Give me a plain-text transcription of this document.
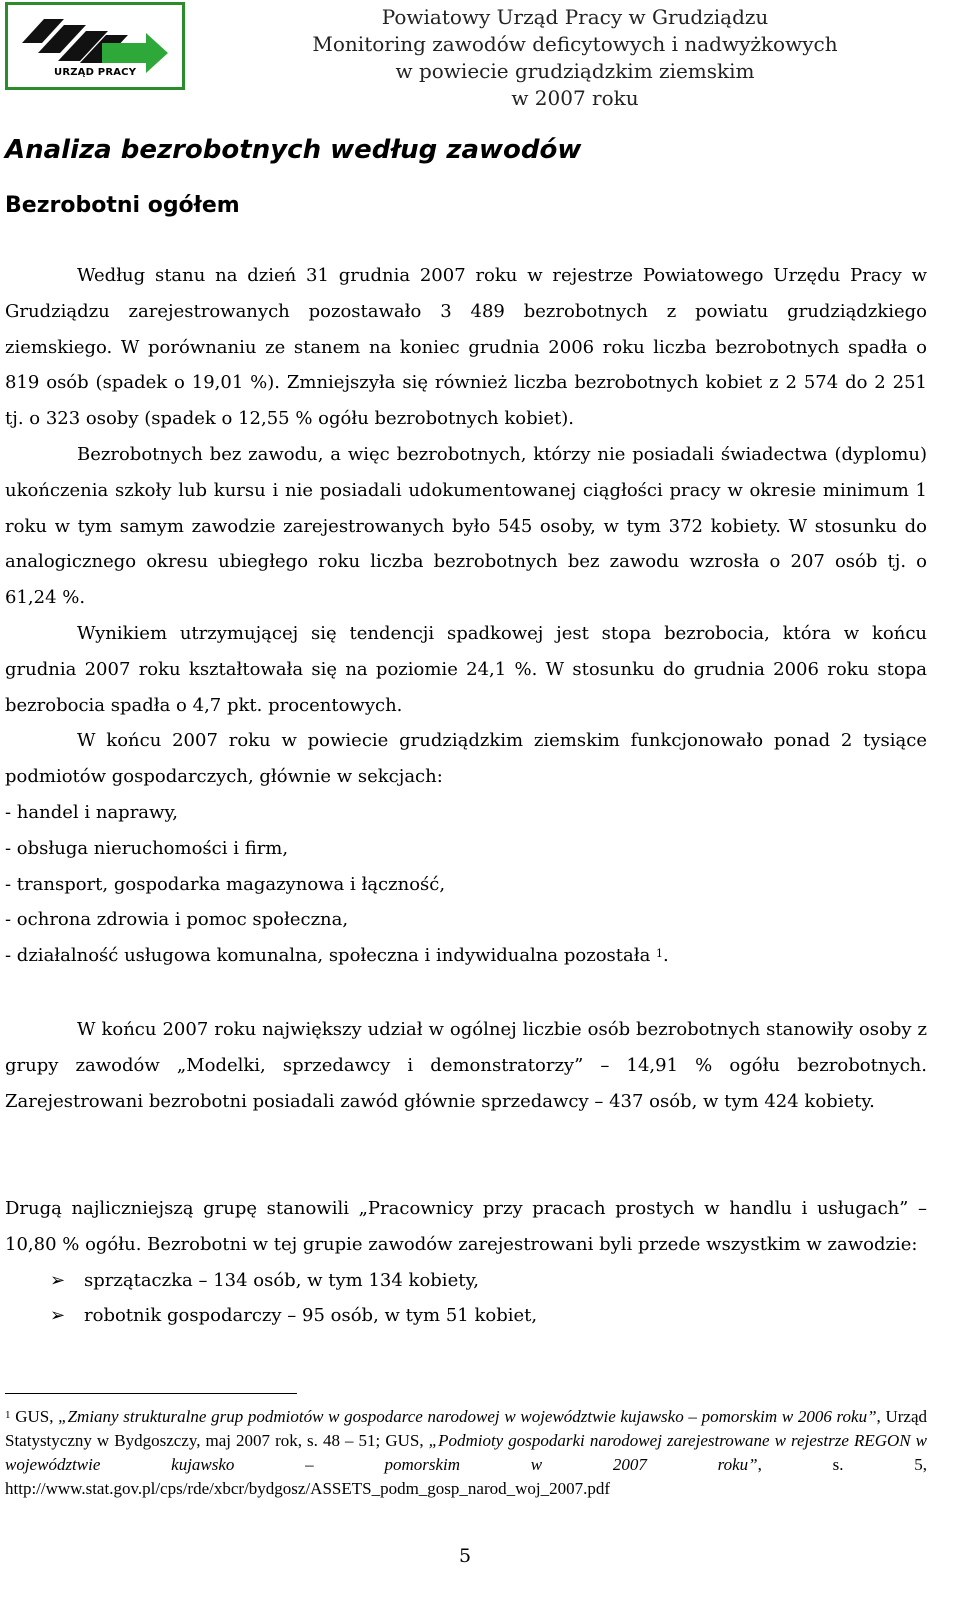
URZĄD PRACY
Powiatowy Urząd Pracy w Grudziądzu
Monitoring zawodów deficytowych i nadwyżkowych
w powiecie grudziądzkim ziemskim
w 2007 roku
Analiza bezrobotnych według zawodów
Bezrobotni ogółem

Według stanu na dzień 31 grudnia 2007 roku w rejestrze Powiatowego Urzędu Pracy w Grudziądzu zarejestrowanych pozostawało 3 489 bezrobotnych z powiatu grudziądzkiego ziemskiego. W porównaniu ze stanem na koniec grudnia 2006 roku liczba bezrobotnych spadła o 819 osób (spadek o 19,01 %). Zmniejszyła się również liczba bezrobotnych kobiet z 2 574 do 2 251 tj. o 323 osoby (spadek o 12,55 % ogółu bezrobotnych kobiet).

Bezrobotnych bez zawodu, a więc bezrobotnych, którzy nie posiadali świadectwa (dyplomu) ukończenia szkoły lub kursu i nie posiadali udokumentowanej ciągłości pracy w okresie minimum 1 roku w tym samym zawodzie zarejestrowanych było 545 osoby, w tym 372 kobiety. W stosunku do analogicznego okresu ubiegłego roku liczba bezrobotnych bez zawodu wzrosła o 207 osób tj. o 61,24 %.

Wynikiem utrzymującej się tendencji spadkowej jest stopa bezrobocia, która w końcu grudnia 2007 roku kształtowała się na poziomie 24,1 %. W stosunku do grudnia 2006 roku stopa bezrobocia spadła o 4,7 pkt. procentowych.

W końcu 2007 roku w powiecie grudziądzkim ziemskim funkcjonowało ponad 2 tysiące podmiotów gospodarczych, głównie w sekcjach:

- handel i naprawy,

- obsługa nieruchomości i firm,

- transport, gospodarka magazynowa i łączność,

- ochrona zdrowia i pomoc społeczna,

- działalność usługowa komunalna, społeczna i indywidualna pozostała $^1$.

W końcu 2007 roku największy udział w ogólnej liczbie osób bezrobotnych stanowiły osoby z grupy zawodów „Modelki, sprzedawcy i demonstratorzy” – 14,91 % ogółu bezrobotnych. Zarejestrowani bezrobotni posiadali zawód głównie sprzedawcy – 437 osób, w tym 424 kobiety.

Drugą najliczniejszą grupę stanowili „Pracownicy przy pracach prostych w handlu i usługach” – 10,80 % ogółu. Bezrobotni w tej grupie zawodów zarejestrowani byli przede wszystkim w zawodzie:

➢	sprzątaczka – 134 osób, w tym 134 kobiety,
➢	robotnik gospodarczy – 95 osób, w tym 51 kobiet,
$^1$ GUS, „Zmiany strukturalne grup podmiotów w gospodarce narodowej w województwie kujawsko – pomorskim w 2006 roku”, Urząd Statystyczny w Bydgoszczy, maj 2007 rok, s. 48 – 51; GUS, „Podmioty gospodarki narodowej zarejestrowane w rejestrze REGON w województwie kujawsko – pomorskim w 2007 roku”, s. 5, http://www.stat.gov.pl/cps/rde/xbcr/bydgosz/ASSETS_podm_gosp_narod_woj_2007.pdf
5
